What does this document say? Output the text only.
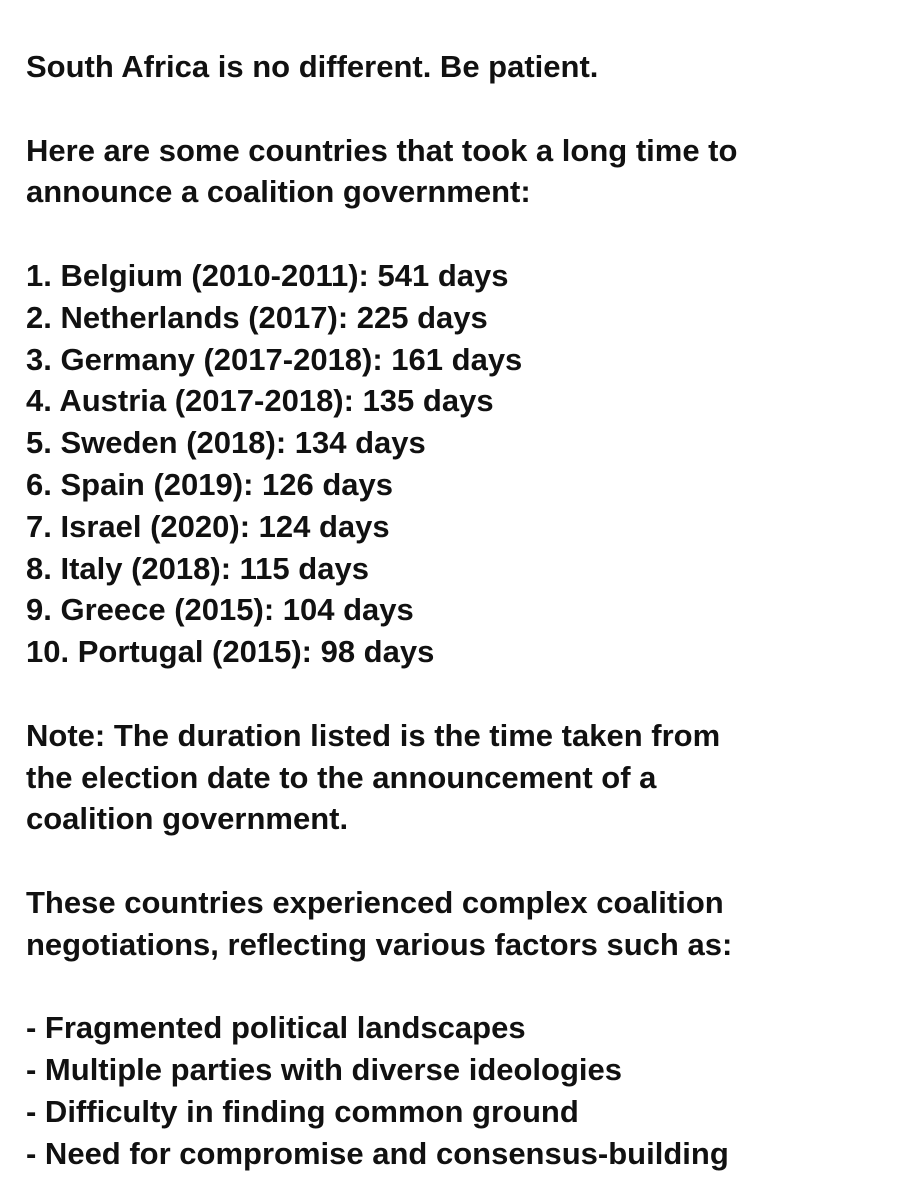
South Africa is no different. Be patient.

Here are some countries that took a long time to

announce a coalition government:

1. Belgium (2010-2011): 541 days
2. Netherlands (2017): 225 days
3. Germany (2017-2018): 161 days
4. Austria (2017-2018): 135 days
5. Sweden (2018): 134 days
6. Spain (2019): 126 days
7. Israel (2020): 124 days
8. Italy (2018): 115 days
9. Greece (2015): 104 days
10. Portugal (2015): 98 days

Note: The duration listed is the time taken from

the election date to the announcement of a

coalition government.

These countries experienced complex coalition

negotiations, reflecting various factors such as:

- Fragmented political landscapes
- Multiple parties with diverse ideologies
- Difficulty in finding common ground
- Need for compromise and consensus-building
